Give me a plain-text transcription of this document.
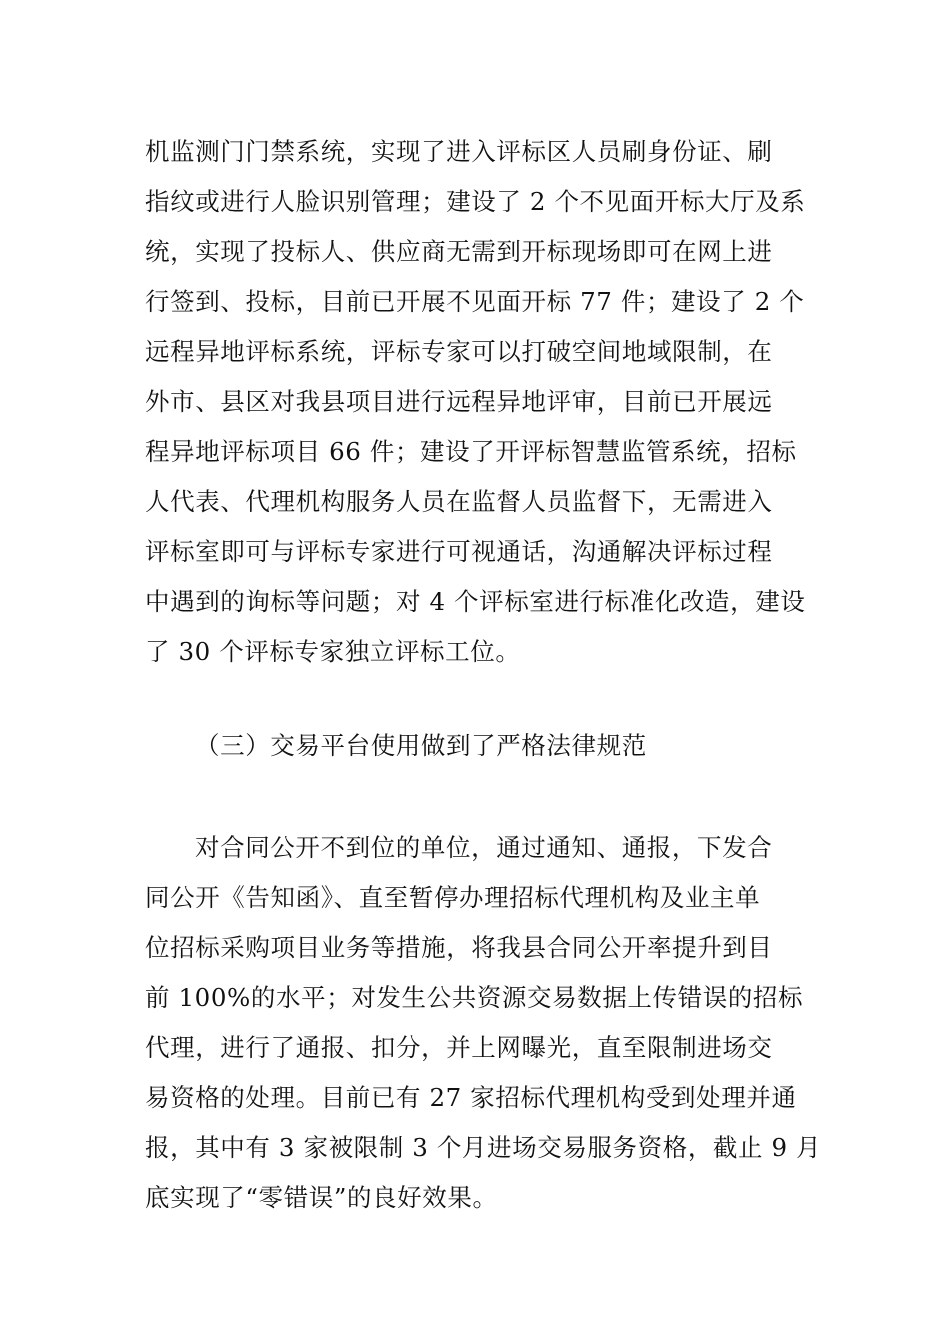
机监测门门禁系统，实现了进入评标区人员刷身份证、刷
指纹或进行人脸识别管理；建设了 2 个不见面开标大厅及系
统，实现了投标人、供应商无需到开标现场即可在网上进
行签到、投标，目前已开展不见面开标 77 件；建设了 2 个
远程异地评标系统，评标专家可以打破空间地域限制，在
外市、县区对我县项目进行远程异地评审，目前已开展远
程异地评标项目 66 件；建设了开评标智慧监管系统，招标
人代表、代理机构服务人员在监督人员监督下，无需进入
评标室即可与评标专家进行可视通话，沟通解决评标过程
中遇到的询标等问题；对 4 个评标室进行标准化改造，建设
了 30 个评标专家独立评标工位。
（三）交易平台使用做到了严格法律规范
对合同公开不到位的单位，通过通知、通报，下发合
同公开《告知函》、直至暂停办理招标代理机构及业主单
位招标采购项目业务等措施，将我县合同公开率提升到目
前 100%的水平；对发生公共资源交易数据上传错误的招标
代理，进行了通报、扣分，并上网曝光，直至限制进场交
易资格的处理。目前已有 27 家招标代理机构受到处理并通
报，其中有 3 家被限制 3 个月进场交易服务资格，截止 9 月
底实现了“零错误”的良好效果。
